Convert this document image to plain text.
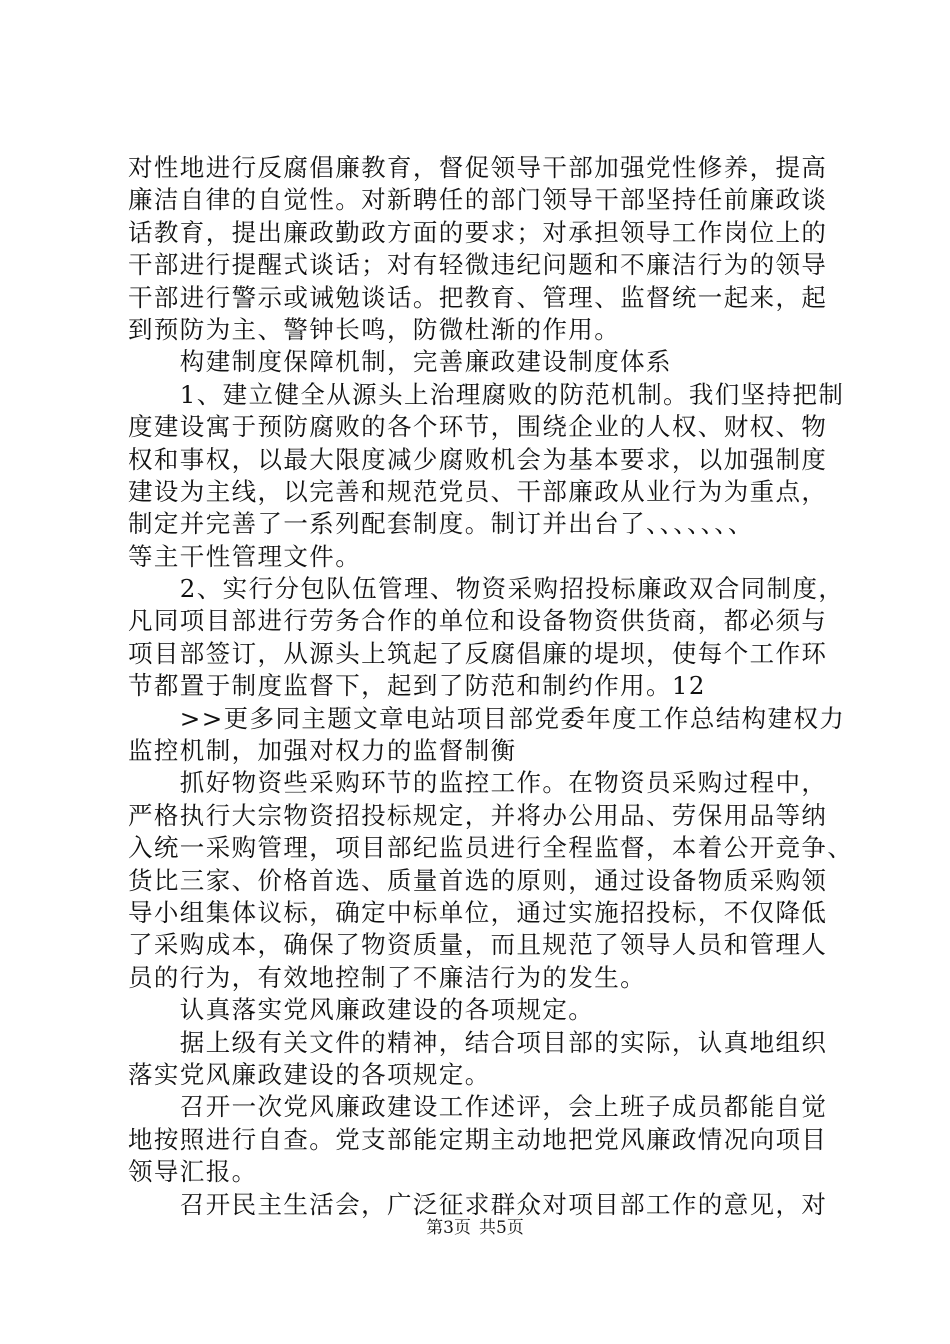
对性地进行反腐倡廉教育，督促领导干部加强党性修养，提高
廉洁自律的自觉性。对新聘任的部门领导干部坚持任前廉政谈
话教育，提出廉政勤政方面的要求；对承担领导工作岗位上的
干部进行提醒式谈话；对有轻微违纪问题和不廉洁行为的领导
干部进行警示或诫勉谈话。把教育、管理、监督统一起来，起
到预防为主、警钟长鸣，防微杜渐的作用。
　　构建制度保障机制，完善廉政建设制度体系
　　1、建立健全从源头上治理腐败的防范机制。我们坚持把制
度建设寓于预防腐败的各个环节，围绕企业的人权、财权、物
权和事权，以最大限度减少腐败机会为基本要求，以加强制度
建设为主线，以完善和规范党员、干部廉政从业行为为重点，
制定并完善了一系列配套制度。制订并出台了、、、、、、、
等主干性管理文件。
　　2、实行分包队伍管理、物资采购招投标廉政双合同制度，
凡同项目部进行劳务合作的单位和设备物资供货商，都必须与
项目部签订，从源头上筑起了反腐倡廉的堤坝，使每个工作环
节都置于制度监督下，起到了防范和制约作用。12
　　>>更多同主题文章电站项目部党委年度工作总结构建权力
监控机制，加强对权力的监督制衡
　　抓好物资些采购环节的监控工作。在物资员采购过程中，
严格执行大宗物资招投标规定，并将办公用品、劳保用品等纳
入统一采购管理，项目部纪监员进行全程监督，本着公开竞争、
货比三家、价格首选、质量首选的原则，通过设备物质采购领
导小组集体议标，确定中标单位，通过实施招投标，不仅降低
了采购成本，确保了物资质量，而且规范了领导人员和管理人
员的行为，有效地控制了不廉洁行为的发生。
　　认真落实党风廉政建设的各项规定。
　　据上级有关文件的精神，结合项目部的实际，认真地组织
落实党风廉政建设的各项规定。
　　召开一次党风廉政建设工作述评，会上班子成员都能自觉
地按照进行自查。党支部能定期主动地把党风廉政情况向项目
领导汇报。
　　召开民主生活会，广泛征求群众对项目部工作的意见，对
第3页 共5页
